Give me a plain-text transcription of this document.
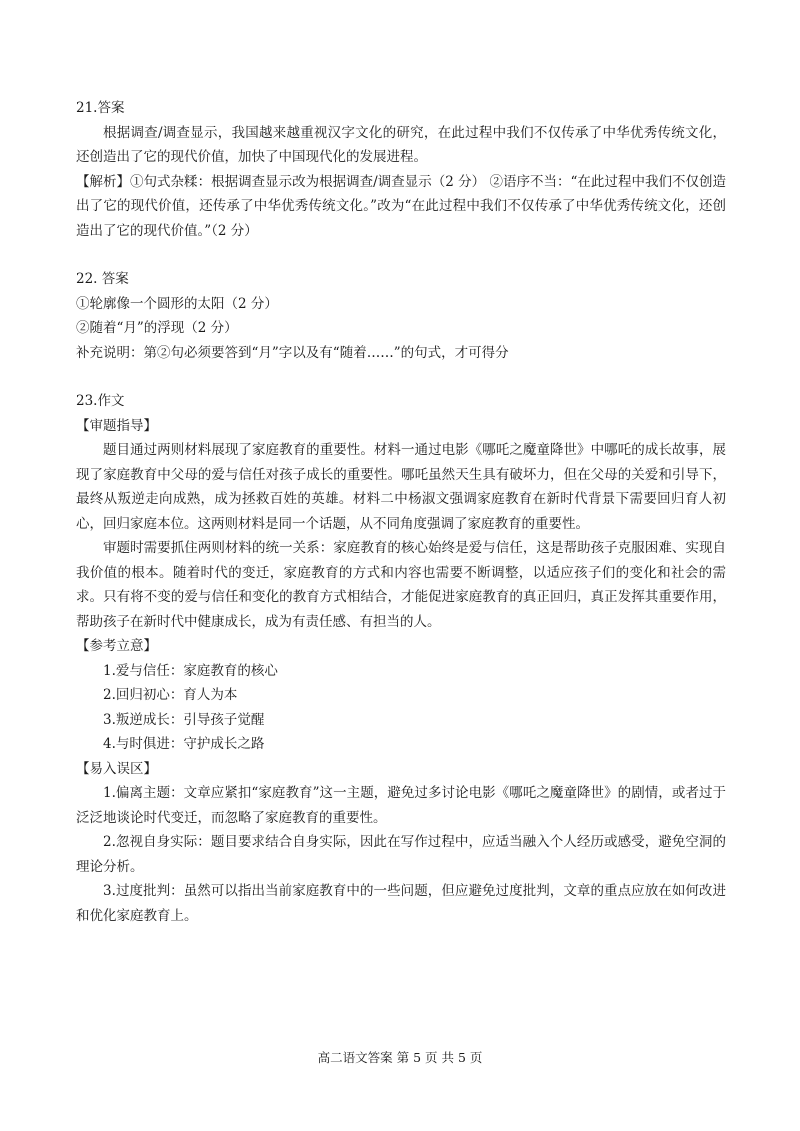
21.答案

根据调查/调查显示，我国越来越重视汉字文化的研究，在此过程中我们不仅传承了中华优秀传统文化，还创造出了它的现代价值，加快了中国现代化的发展进程。

【解析】①句式杂糅：根据调查显示改为根据调查/调查显示（2 分） ②语序不当：“在此过程中我们不仅创造出了它的现代价值，还传承了中华优秀传统文化。”改为“在此过程中我们不仅传承了中华优秀传统文化，还创造出了它的现代价值。”（2 分）

22. 答案
①轮廓像一个圆形的太阳（2 分）
②随着“月”的浮现（2 分）
补充说明：第②句必须要答到“月”字以及有“随着……”的句式，才可得分
23.作文
【审题指导】

题目通过两则材料展现了家庭教育的重要性。材料一通过电影《哪吒之魔童降世》中哪吒的成长故事，展现了家庭教育中父母的爱与信任对孩子成长的重要性。哪吒虽然天生具有破坏力，但在父母的关爱和引导下，最终从叛逆走向成熟，成为拯救百姓的英雄。材料二中杨淑文强调家庭教育在新时代背景下需要回归育人初心，回归家庭本位。这两则材料是同一个话题，从不同角度强调了家庭教育的重要性。

审题时需要抓住两则材料的统一关系：家庭教育的核心始终是爱与信任，这是帮助孩子克服困难、实现自我价值的根本。随着时代的变迁，家庭教育的方式和内容也需要不断调整，以适应孩子们的变化和社会的需求。只有将不变的爱与信任和变化的教育方式相结合，才能促进家庭教育的真正回归，真正发挥其重要作用，帮助孩子在新时代中健康成长，成为有责任感、有担当的人。

【参考立意】

1.爱与信任：家庭教育的核心

2.回归初心：育人为本

3.叛逆成长：引导孩子觉醒

4.与时俱进：守护成长之路

【易入误区】

1.偏离主题：文章应紧扣“家庭教育”这一主题，避免过多讨论电影《哪吒之魔童降世》的剧情，或者过于泛泛地谈论时代变迁，而忽略了家庭教育的重要性。

2.忽视自身实际：题目要求结合自身实际，因此在写作过程中，应适当融入个人经历或感受，避免空洞的理论分析。

3.过度批判：虽然可以指出当前家庭教育中的一些问题，但应避免过度批判，文章的重点应放在如何改进和优化家庭教育上。

高二语文答案 第 5 页 共 5 页
